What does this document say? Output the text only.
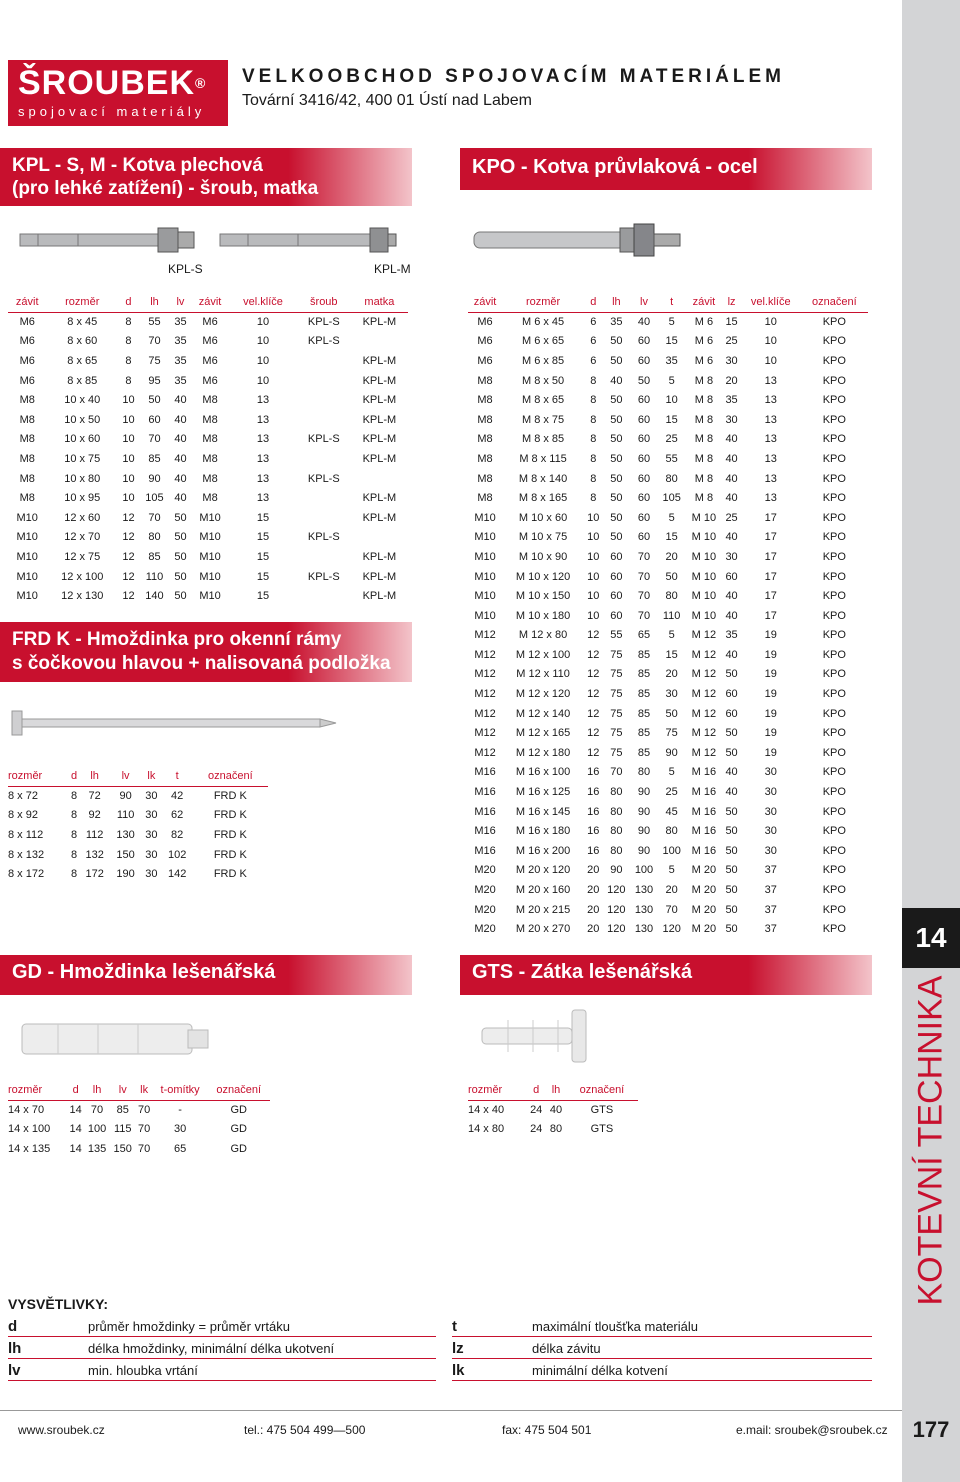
14
KOTEVNÍ TECHNIKA
ŠROUBEK®
spojovací materiály
VELKOOBCHOD SPOJOVACÍM MATERIÁLEM
Tovární 3416/42, 400 01 Ústí nad Labem
KPL - S, M - Kotva plechová
(pro lehké zatížení) - šroub, matka
KPL-S	KPL-M
závit	rozměr	d	lh	lv	závit	vel.klíče	šroub	matka
M6	8 x 45	8	55	35	M6	10	KPL-S	KPL-M
M6	8 x 60	8	70	35	M6	10	KPL-S	
M6	8 x 65	8	75	35	M6	10		KPL-M
M6	8 x 85	8	95	35	M6	10		KPL-M
M8	10 x 40	10	50	40	M8	13		KPL-M
M8	10 x 50	10	60	40	M8	13		KPL-M
M8	10 x 60	10	70	40	M8	13	KPL-S	KPL-M
M8	10 x 75	10	85	40	M8	13		KPL-M
M8	10 x 80	10	90	40	M8	13	KPL-S	
M8	10 x 95	10	105	40	M8	13		KPL-M
M10	12 x 60	12	70	50	M10	15		KPL-M
M10	12 x 70	12	80	50	M10	15	KPL-S	
M10	12 x 75	12	85	50	M10	15		KPL-M
M10	12 x 100	12	110	50	M10	15	KPL-S	KPL-M
M10	12 x 130	12	140	50	M10	15		KPL-M
FRD K - Hmoždinka pro okenní rámy
s čočkovou hlavou + nalisovaná podložka
rozměr	d	lh	lv	lk	t	označení
8 x 72	8	72	90	30	42	FRD K
8 x 92	8	92	110	30	62	FRD K
8 x 112	8	112	130	30	82	FRD K
8 x 132	8	132	150	30	102	FRD K
8 x 172	8	172	190	30	142	FRD K
KPO - Kotva průvlaková - ocel
závit	rozměr	d	lh	lv	t	závit	lz	vel.klíče	označení
M6	M 6 x 45	6	35	40	5	M 6	15	10	KPO
M6	M 6 x 65	6	50	60	15	M 6	25	10	KPO
M6	M 6 x 85	6	50	60	35	M 6	30	10	KPO
M8	M 8 x 50	8	40	50	5	M 8	20	13	KPO
M8	M 8 x 65	8	50	60	10	M 8	35	13	KPO
M8	M 8 x 75	8	50	60	15	M 8	30	13	KPO
M8	M 8 x 85	8	50	60	25	M 8	40	13	KPO
M8	M 8 x 115	8	50	60	55	M 8	40	13	KPO
M8	M 8 x 140	8	50	60	80	M 8	40	13	KPO
M8	M 8 x 165	8	50	60	105	M 8	40	13	KPO
M10	M 10 x 60	10	50	60	5	M 10	25	17	KPO
M10	M 10 x 75	10	50	60	15	M 10	40	17	KPO
M10	M 10 x 90	10	60	70	20	M 10	30	17	KPO
M10	M 10 x 120	10	60	70	50	M 10	60	17	KPO
M10	M 10 x 150	10	60	70	80	M 10	40	17	KPO
M10	M 10 x 180	10	60	70	110	M 10	40	17	KPO
M12	M 12 x 80	12	55	65	5	M 12	35	19	KPO
M12	M 12 x 100	12	75	85	15	M 12	40	19	KPO
M12	M 12 x 110	12	75	85	20	M 12	50	19	KPO
M12	M 12 x 120	12	75	85	30	M 12	60	19	KPO
M12	M 12 x 140	12	75	85	50	M 12	60	19	KPO
M12	M 12 x 165	12	75	85	75	M 12	50	19	KPO
M12	M 12 x 180	12	75	85	90	M 12	50	19	KPO
M16	M 16 x 100	16	70	80	5	M 16	40	30	KPO
M16	M 16 x 125	16	80	90	25	M 16	40	30	KPO
M16	M 16 x 145	16	80	90	45	M 16	50	30	KPO
M16	M 16 x 180	16	80	90	80	M 16	50	30	KPO
M16	M 16 x 200	16	80	90	100	M 16	50	30	KPO
M20	M 20 x 120	20	90	100	5	M 20	50	37	KPO
M20	M 20 x 160	20	120	130	20	M 20	50	37	KPO
M20	M 20 x 215	20	120	130	70	M 20	50	37	KPO
M20	M 20 x 270	20	120	130	120	M 20	50	37	KPO
GD - Hmoždinka lešenářská
rozměr	d	lh	lv	lk	t-omítky	označení
14 x 70	14	70	85	70	-	GD
14 x 100	14	100	115	70	30	GD
14 x 135	14	135	150	70	65	GD
GTS - Zátka lešenářská
rozměr	d	lh	označení
14 x 40	24	40	GTS
14 x 80	24	80	GTS
VYSVĚTLIVKY:
d	průměr hmoždinky = průměr vrtáku
lh	délka hmoždinky, minimální délka ukotvení
lv	min. hloubka vrtání
t	maximální tloušťka materiálu
lz	délka závitu
lk	minimální délka kotvení
www.sroubek.cz	tel.: 475 504 499—500	fax: 475 504 501	e.mail: sroubek@sroubek.cz	177
